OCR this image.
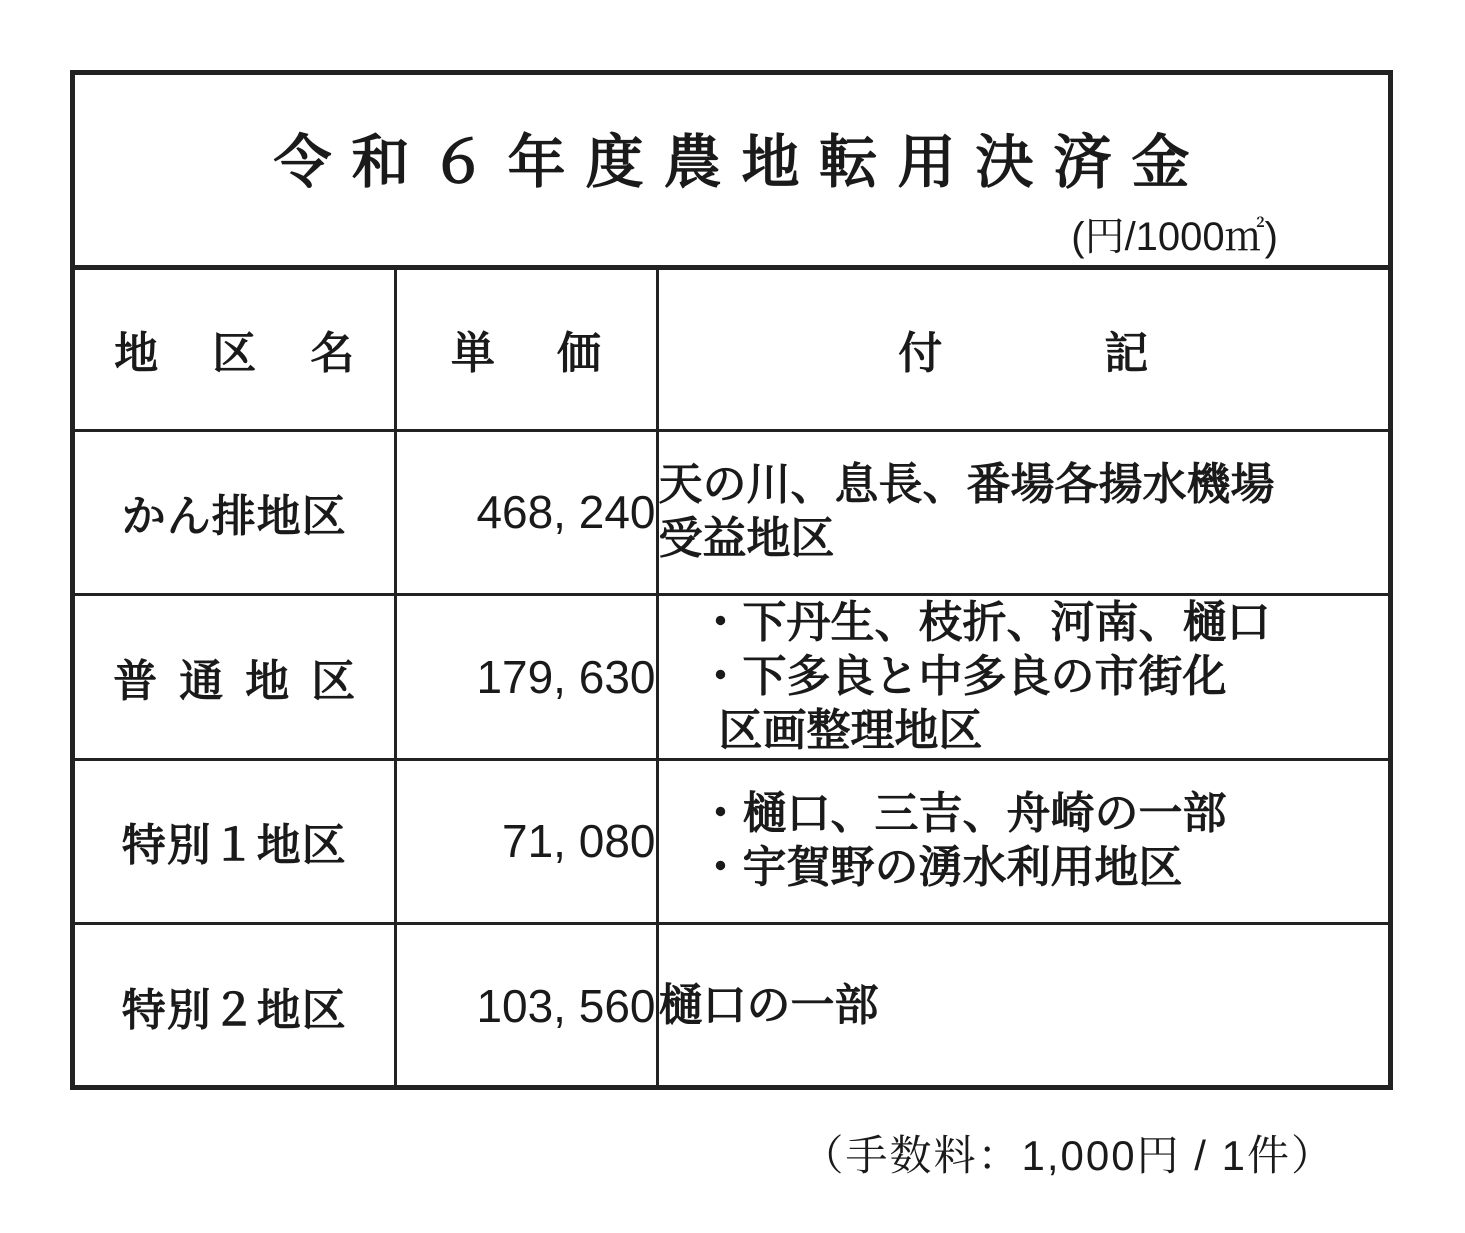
令和６年度農地転用決済金
(円/1000㎡)
地 区 名	単 価	付 記

かん排地区	468, 240	天の川、息長、番場各揚水機場
受益地区

普通地区	179, 630	・下丹生、枝折、河南、樋口
・下多良と中多良の市街化
区画整理地区

特別１地区	71, 080	・樋口、三吉、舟崎の一部
・宇賀野の湧水利用地区

特別２地区	103, 560	樋口の一部
（手数料：1,000円 / 1件）
